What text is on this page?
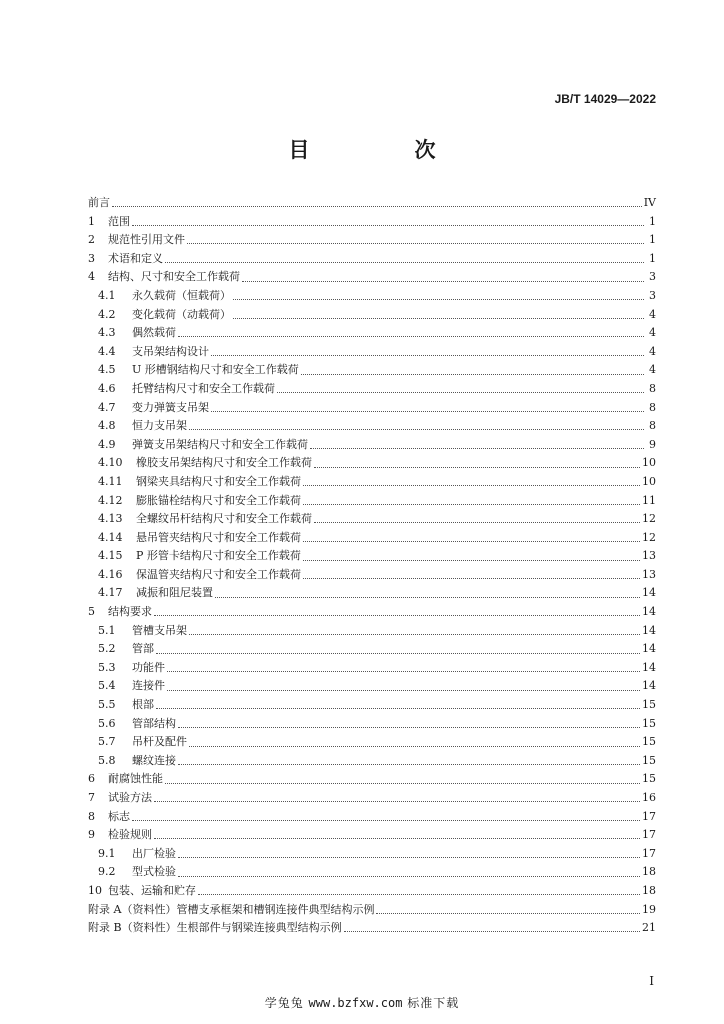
JB/T 14029—2022
目　次
前言	IV
1	范围	1
2	规范性引用文件	1
3	术语和定义	1
4	结构、尺寸和安全工作载荷	3
4.1	永久载荷（恒载荷）	3
4.2	变化载荷（动载荷）	4
4.3	偶然载荷	4
4.4	支吊架结构设计	4
4.5	U 形槽钢结构尺寸和安全工作载荷	4
4.6	托臂结构尺寸和安全工作载荷	8
4.7	变力弹簧支吊架	8
4.8	恒力支吊架	8
4.9	弹簧支吊架结构尺寸和安全工作载荷	9
4.10	橡胶支吊架结构尺寸和安全工作载荷	10
4.11	钢梁夹具结构尺寸和安全工作载荷	10
4.12	膨胀锚栓结构尺寸和安全工作载荷	11
4.13	全螺纹吊杆结构尺寸和安全工作载荷	12
4.14	悬吊管夹结构尺寸和安全工作载荷	12
4.15	P 形管卡结构尺寸和安全工作载荷	13
4.16	保温管夹结构尺寸和安全工作载荷	13
4.17	减振和阻尼装置	14
5	结构要求	14
5.1	管槽支吊架	14
5.2	管部	14
5.3	功能件	14
5.4	连接件	14
5.5	根部	15
5.6	管部结构	15
5.7	吊杆及配件	15
5.8	螺纹连接	15
6	耐腐蚀性能	15
7	试验方法	16
8	标志	17
9	检验规则	17
9.1	出厂检验	17
9.2	型式检验	18
10 包装、运输和贮存	18
附录 A（资料性）管槽支承框架和槽钢连接件典型结构示例	19
附录 B（资料性）生根部件与钢梁连接典型结构示例	21
I
学兔兔 www.bzfxw.com 标准下载
